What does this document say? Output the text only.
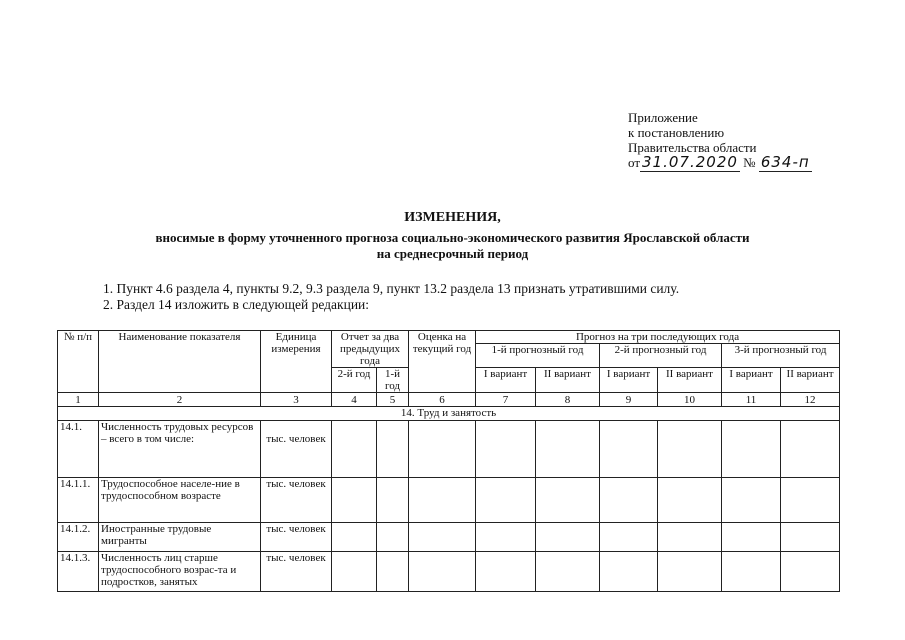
Приложение
к постановлению
Правительства области
от 31.07.2020 № 634-п
ИЗМЕНЕНИЯ,
вносимые в форму уточненного прогноза социально-экономического развития Ярославской области
на среднесрочный период
1. Пункт 4.6 раздела 4, пункты 9.2, 9.3 раздела 9, пункт 13.2 раздела 13 признать утратившими силу.
2. Раздел 14 изложить в следующей редакции:
№ п/п	Наименование показателя	Единица измерения	Отчет за два предыдущих года		Оценка на текущий год	Прогноз на три последующих года					
						1-й прогнозный год		2-й прогнозный год		3-й прогнозный год	

			2-й год	1-й год		I вариант	II вариант	I вариант	II вариант	I вариант	II вариант
1	2	3	4	5	6	7	8	9	10	11	12
14. Труд и занятость											
14.1.	Численность трудовых ресурсов – всего в том числе:	тыс. человек									
14.1.1.	Трудоспособное населе-ние в трудоспособном возрасте	тыс. человек									
14.1.2.	Иностранные трудовые мигранты	тыс. человек									
14.1.3.	Численность лиц старше трудоспособного возрас-та и подростков, занятых	тыс. человек									
